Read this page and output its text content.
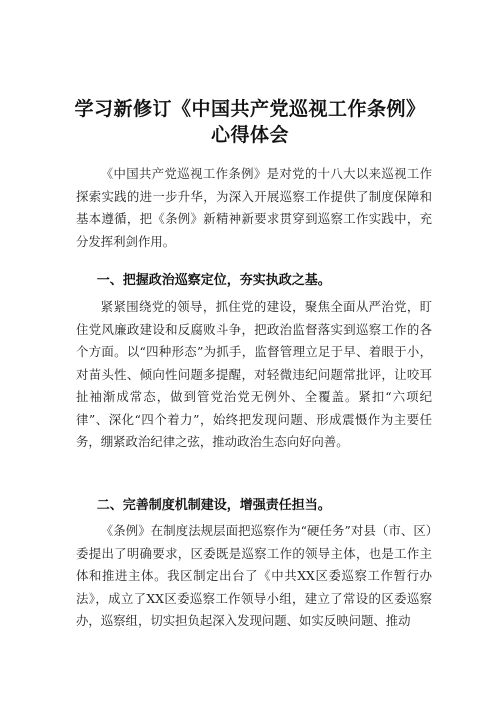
学习新修订《中国共产党巡视工作条例》
心得体会

《中国共产党巡视工作条例》是对党的十八大以来巡视工作探索实践的进一步升华，为深入开展巡察工作提供了制度保障和基本遵循，把《条例》新精神新要求贯穿到巡察工作实践中，充分发挥利剑作用。

一、把握政治巡察定位，夯实执政之基。

紧紧围绕党的领导，抓住党的建设，聚焦全面从严治党，盯住党风廉政建设和反腐败斗争，把政治监督落实到巡察工作的各个方面。以“四种形态”为抓手，监督管理立足于早、着眼于小，对苗头性、倾向性问题多提醒，对轻微违纪问题常批评，让咬耳扯袖渐成常态，做到管党治党无例外、全覆盖。紧扣“六项纪律”、深化“四个着力”，始终把发现问题、形成震慑作为主要任务，绷紧政治纪律之弦，推动政治生态向好向善。

二、完善制度机制建设，增强责任担当。

《条例》在制度法规层面把巡察作为“硬任务”对县（市、区）委提出了明确要求，区委既是巡察工作的领导主体，也是工作主体和推进主体。我区制定出台了《中共XX区委巡察工作暂行办法》，成立了XX区委巡察工作领导小组，建立了常设的区委巡察办，巡察组，切实担负起深入发现问题、如实反映问题、推动
